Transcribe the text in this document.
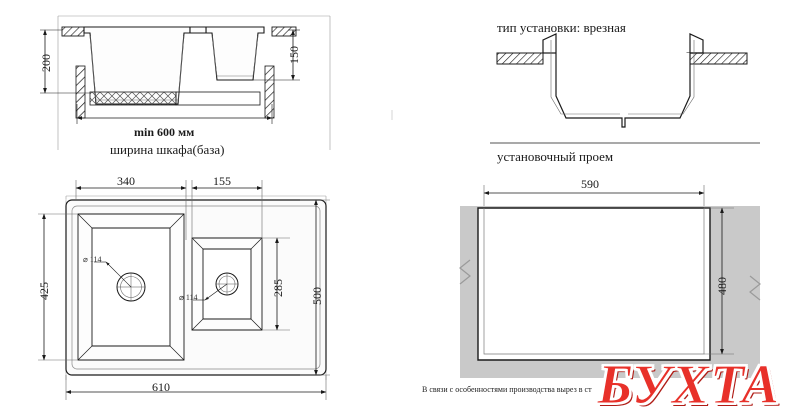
200	150
min 600 мм
ширина шкафа(база)
340	155
425	285 500
610
⌀ 114
⌀ 114
тип установки: врезная
установочный проем
590
480
В связи с особенностями производства вырез в ст БУХТА
